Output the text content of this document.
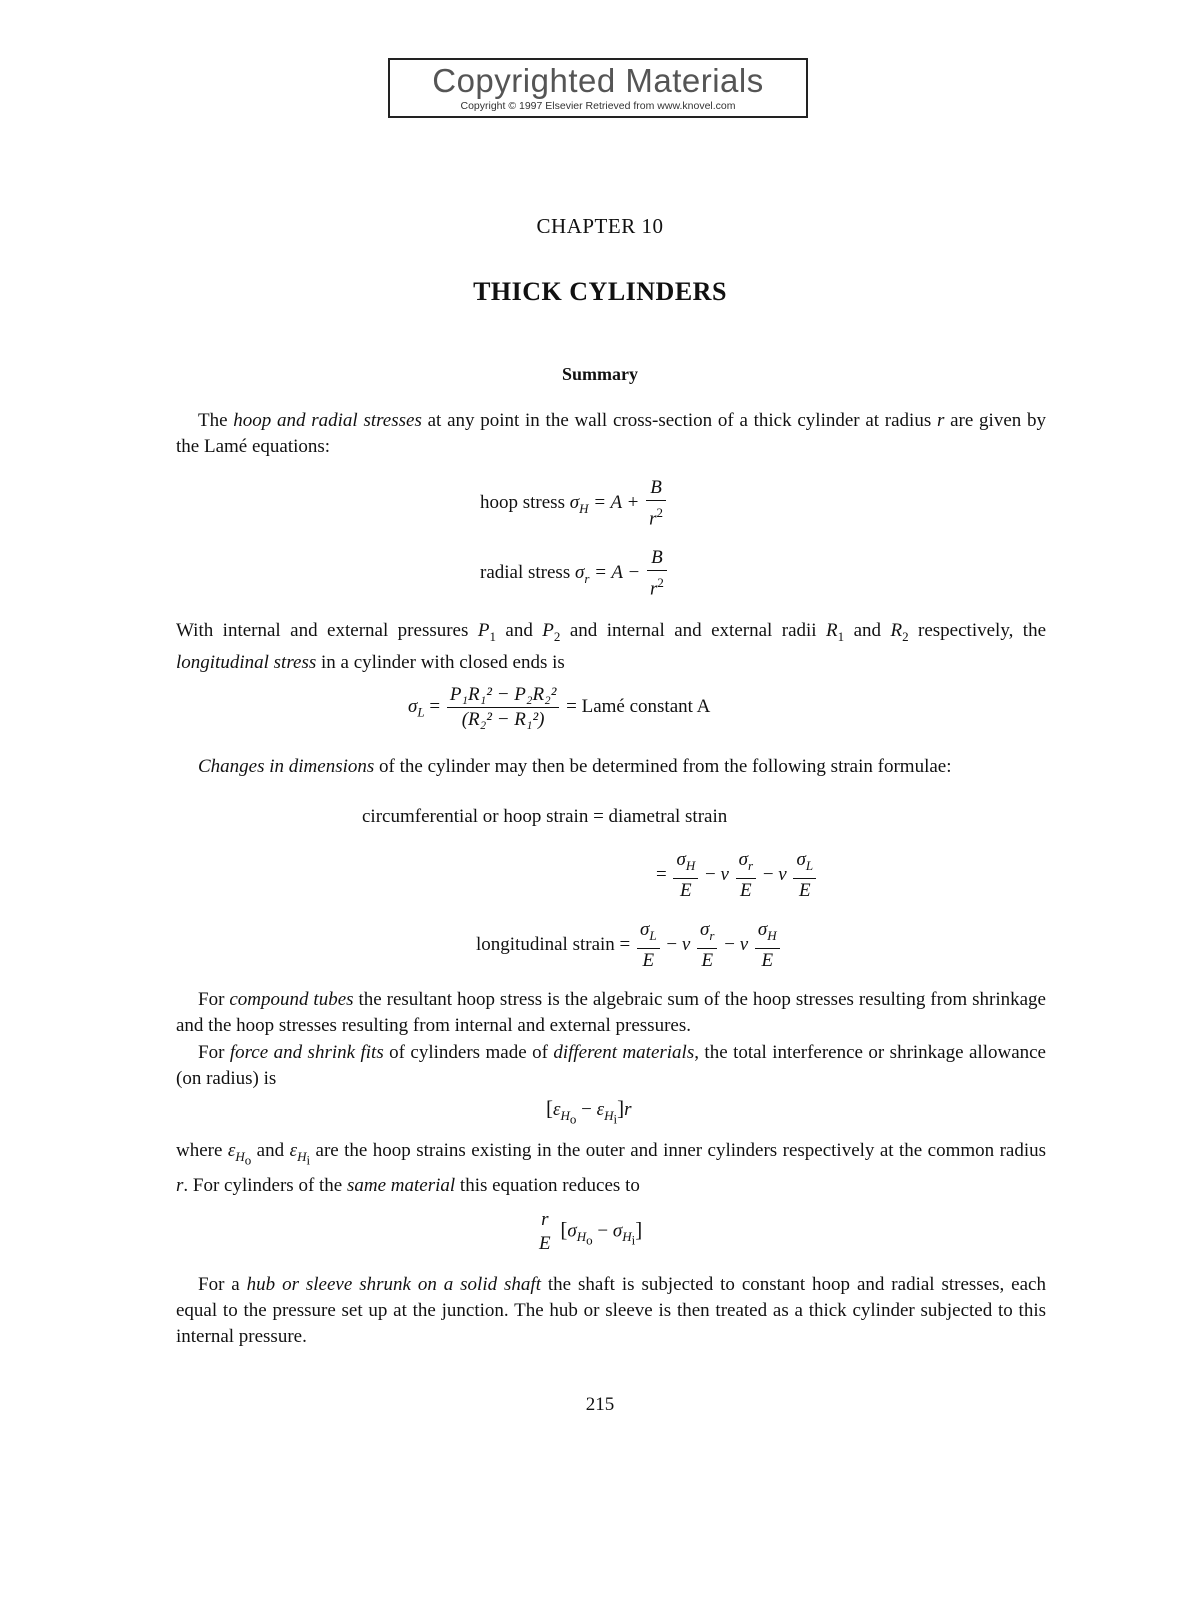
Copyrighted Materials
Copyright © 1997 Elsevier Retrieved from www.knovel.com
CHAPTER 10
THICK CYLINDERS
Summary
The hoop and radial stresses at any point in the wall cross-section of a thick cylinder at radius r are given by the Lamé equations:
hoop stress $\sigma_H = A + \frac{B}{r^2}$
radial stress $\sigma_r = A - \frac{B}{r^2}$
With internal and external pressures $P_1$ and $P_2$ and internal and external radii $R_1$ and $R_2$ respectively, the longitudinal stress in a cylinder with closed ends is
$\sigma_L = \frac{\text{P₁R₁² − P₂R₂²}}{\text{(R₂² − R₁²)}}$ = Lamé constant A
Changes in dimensions of the cylinder may then be determined from the following strain formulae:
circumferential or hoop strain = diametral strain
= $\frac{\sigma_H}{E} - \nu \frac{\sigma_r}{E} - \nu \frac{\sigma_L}{E}$
longitudinal strain = $\frac{\sigma_L}{E} - \nu \frac{\sigma_r}{E} - \nu \frac{\sigma_H}{E}$
For compound tubes the resultant hoop stress is the algebraic sum of the hoop stresses resulting from shrinkage and the hoop stresses resulting from internal and external pressures.
For force and shrink fits of cylinders made of different materials, the total interference or shrinkage allowance (on radius) is
$[\varepsilon_{H_o} - \varepsilon_{H_i}]r$
where $\varepsilon_{H_o}$ and $\varepsilon_{H_i}$ are the hoop strains existing in the outer and inner cylinders respectively at the common radius r. For cylinders of the same material this equation reduces to
r
E
$[\sigma_{H_o} - \sigma_{H_i}]$
For a hub or sleeve shrunk on a solid shaft the shaft is subjected to constant hoop and radial stresses, each equal to the pressure set up at the junction. The hub or sleeve is then treated as a thick cylinder subjected to this internal pressure.
215
